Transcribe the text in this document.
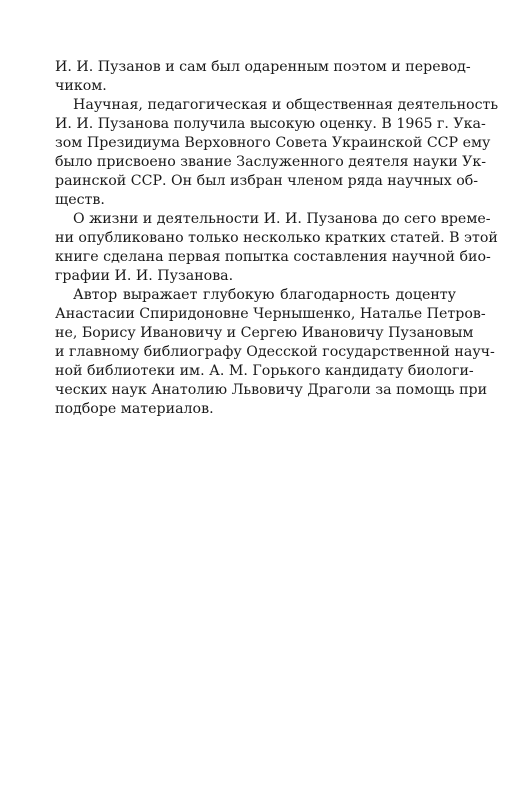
И. И. Пузанов и сам был одаренным поэтом и перевод-
чиком.
Научная, педагогическая и общественная деятельность
И. И. Пузанова получила высокую оценку. В 1965 г. Ука-
зом Президиума Верховного Совета Украинской ССР ему
было присвоено звание Заслуженного деятеля науки Ук-
раинской ССР. Он был избран членом ряда научных об-
ществ.
О жизни и деятельности И. И. Пузанова до сего време-
ни опубликовано только несколько кратких статей. В этой
книге сделана первая попытка составления научной био-
графии И. И. Пузанова.
Автор выражает глубокую благодарность доценту
Анастасии Спиридоновне Чернышенко, Наталье Петров-
не, Борису Ивановичу и Сергею Ивановичу Пузановым
и главному библиографу Одесской государственной науч-
ной библиотеки им. А. М. Горького кандидату биологи-
ческих наук Анатолию Львовичу Драголи за помощь при
подборе материалов.
